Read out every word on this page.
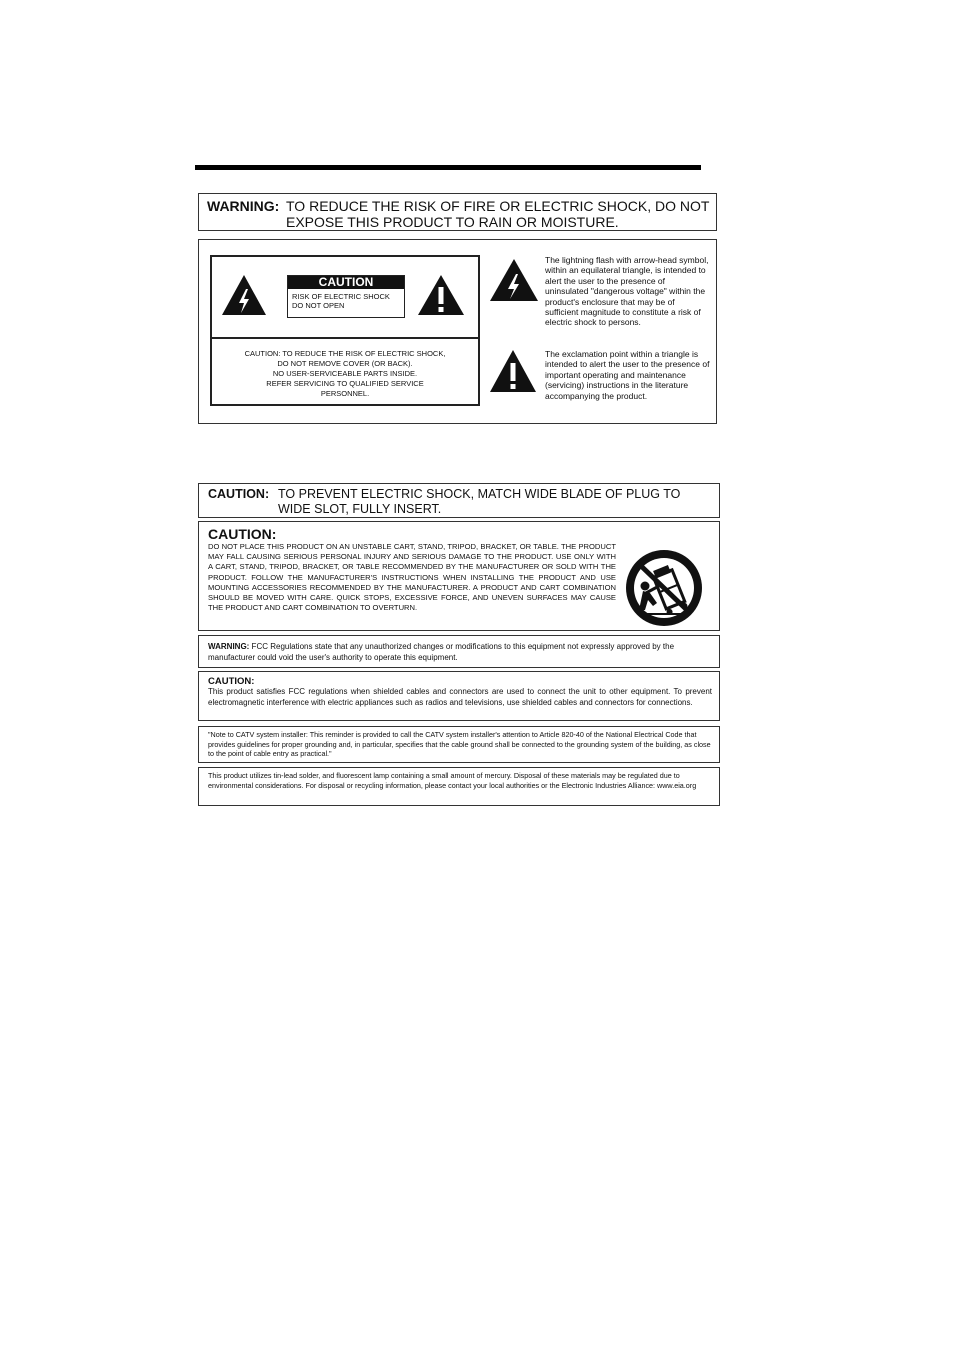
WARNING: TO REDUCE THE RISK OF FIRE OR ELECTRIC SHOCK, DO NOT EXPOSE THIS PRODUCT TO RAIN OR MOISTURE.
CAUTION
RISK OF ELECTRIC SHOCK
DO NOT OPEN
CAUTION: TO REDUCE THE RISK OF ELECTRIC SHOCK,
DO NOT REMOVE COVER (OR BACK).
NO USER-SERVICEABLE PARTS INSIDE.
REFER SERVICING TO QUALIFIED SERVICE
PERSONNEL.
The lightning flash with arrow-head symbol, within an equilateral triangle, is intended to alert the user to the presence of uninsulated "dangerous voltage" within the product's enclosure that may be of sufficient magnitude to constitute a risk of electric shock to persons.
The exclamation point within a triangle is intended to alert the user to the presence of important operating and maintenance (servicing) instructions in the literature accompanying the product.
CAUTION: TO PREVENT ELECTRIC SHOCK, MATCH WIDE BLADE OF PLUG TO WIDE SLOT, FULLY INSERT.
CAUTION:
DO NOT PLACE THIS PRODUCT ON AN UNSTABLE CART, STAND, TRIPOD, BRACKET, OR TABLE. THE PRODUCT MAY FALL CAUSING SERIOUS PERSONAL INJURY AND SERIOUS DAMAGE TO THE PRODUCT. USE ONLY WITH A CART, STAND, TRIPOD, BRACKET, OR TABLE RECOMMENDED BY THE MANUFACTURER OR SOLD WITH THE PRODUCT. FOLLOW THE MANUFACTURER'S INSTRUCTIONS WHEN INSTALLING THE PRODUCT AND USE MOUNTING ACCESSORIES RECOMMENDED BY THE MANUFACTURER. A PRODUCT AND CART COMBINATION SHOULD BE MOVED WITH CARE. QUICK STOPS, EXCESSIVE FORCE, AND UNEVEN SURFACES MAY CAUSE THE PRODUCT AND CART COMBINATION TO OVERTURN.
WARNING: FCC Regulations state that any unauthorized changes or modifications to this equipment not expressly approved by the manufacturer could void the user's authority to operate this equipment.
CAUTION:
This product satisfies FCC regulations when shielded cables and connectors are used to connect the unit to other equipment. To prevent electromagnetic interference with electric appliances such as radios and televisions, use shielded cables and connectors for connections.
"Note to CATV system installer: This reminder is provided to call the CATV system installer's attention to Article 820-40 of the National Electrical Code that provides guidelines for proper grounding and, in particular, specifies that the cable ground shall be connected to the grounding system of the building, as close to the point of cable entry as practical."
This product utilizes tin-lead solder, and fluorescent lamp containing a small amount of mercury. Disposal of these materials may be regulated due to environmental considerations. For disposal or recycling information, please contact your local authorities or the Electronic Industries Alliance: www.eia.org
